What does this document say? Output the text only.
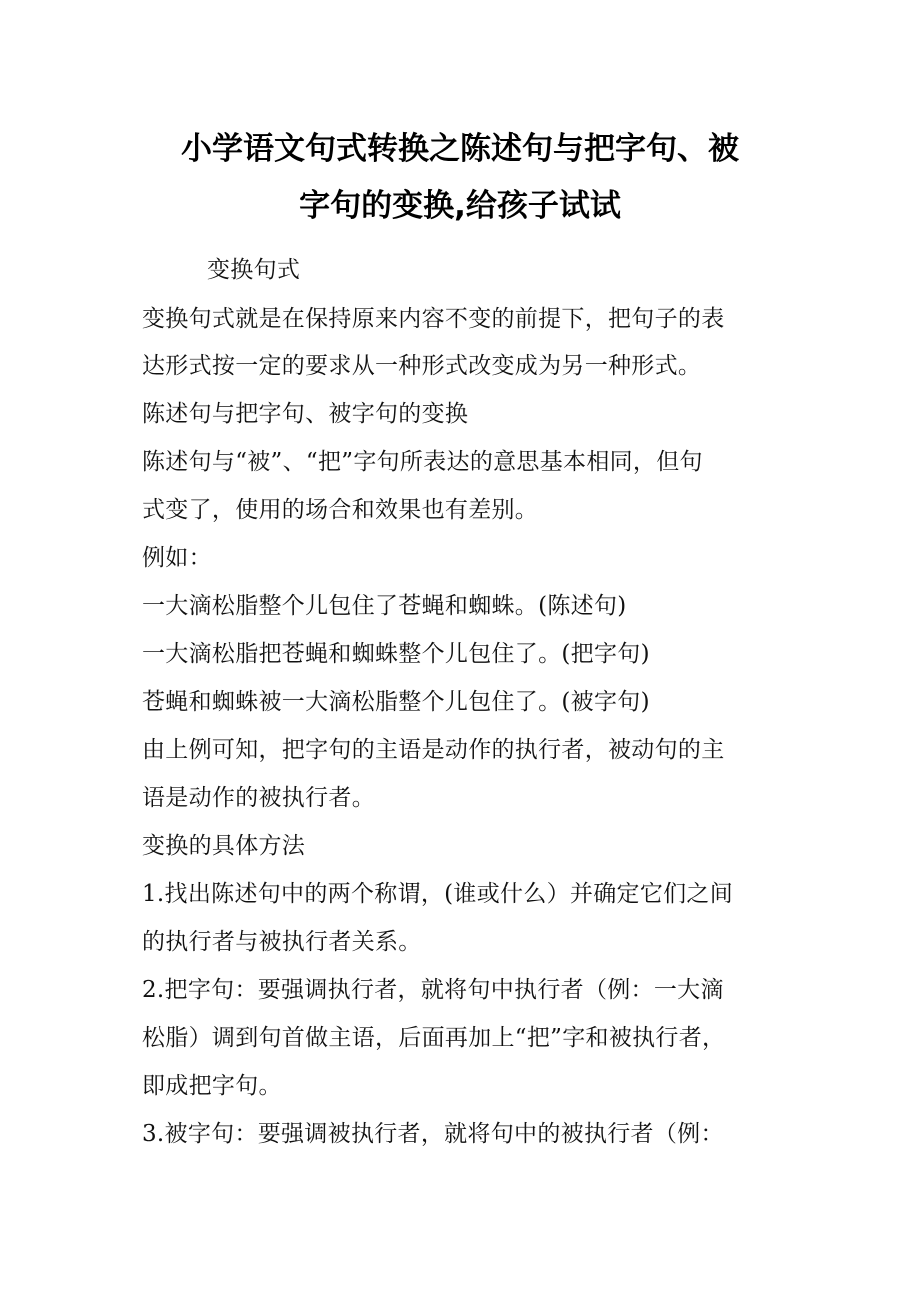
小学语文句式转换之陈述句与把字句、被
字句的变换,给孩子试试
变换句式
变换句式就是在保持原来内容不变的前提下，把句子的表
达形式按一定的要求从一种形式改变成为另一种形式。
陈述句与把字句、被字句的变换
陈述句与“被”、“把”字句所表达的意思基本相同，但句
式变了，使用的场合和效果也有差别。
例如：
一大滴松脂整个儿包住了苍蝇和蜘蛛。(陈述句)
一大滴松脂把苍蝇和蜘蛛整个儿包住了。(把字句)
苍蝇和蜘蛛被一大滴松脂整个儿包住了。(被字句)
由上例可知，把字句的主语是动作的执行者，被动句的主
语是动作的被执行者。
变换的具体方法
1.找出陈述句中的两个称谓，(谁或什么）并确定它们之间
的执行者与被执行者关系。
2.把字句：要强调执行者，就将句中执行者（例：一大滴
松脂）调到句首做主语，后面再加上“把”字和被执行者，
即成把字句。
3.被字句：要强调被执行者，就将句中的被执行者（例：
